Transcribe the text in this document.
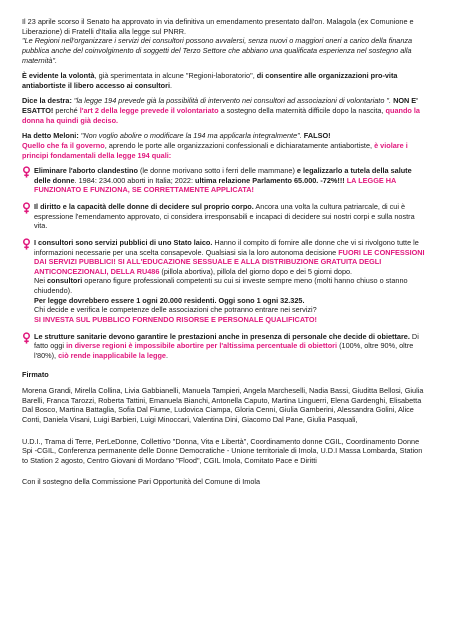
Il 23 aprile scorso il Senato ha approvato in via definitiva un emendamento presentato dall'on. Malagola (ex Comunione e Liberazione) di Fratelli d'Italia alla legge sul PNRR.
"Le Regioni nell'organizzare i servizi dei consultori possono avvalersi, senza nuovi o maggiori oneri a carico della finanza pubblica anche del coinvolgimento di soggetti del Terzo Settore che abbiano una qualificata esperienza nel sostegno alla maternità".

È evidente la volontà, già sperimentata in alcune "Regioni-laboratorio", di consentire alle organizzazioni pro-vita antiabortiste il libero accesso ai consultori.

Dice la destra: "la legge 194 prevede già la possibilità di intervento nei consultori ad associazioni di volontariato ". NON E' ESATTO! perché l'art 2 della legge prevede il volontariato a sostegno della maternità difficile dopo la nascita, quando la donna ha quindi già deciso.

Ha detto Meloni: "Non voglio abolire o modificare la 194 ma applicarla integralmente". FALSO!
Quello che fa il governo, aprendo le porte alle organizzazioni confessionali e dichiaratamente antiabortiste, è violare i principi fondamentali della legge 194 quali:

Eliminare l'aborto clandestino (le donne morivano sotto i ferri delle mammane) e legalizzarlo a tutela della salute delle donne. 1984: 234.000 aborti in Italia; 2022: ultima relazione Parlamento 65.000. -72%!!! LA LEGGE HA FUNZIONATO E FUNZIONA, SE CORRETTAMENTE APPLICATA!
Il diritto e la capacità delle donne di decidere sul proprio corpo. Ancora una volta la cultura patriarcale, di cui è espressione l'emendamento approvato, ci considera irresponsabili e incapaci di decidere sui nostri corpi e sulla nostra vita.
I consultori sono servizi pubblici di uno Stato laico. Hanno il compito di fornire alle donne che vi si rivolgono tutte le informazioni necessarie per una scelta consapevole. Qualsiasi sia la loro autonoma decisione FUORI LE CONFESSIONI DAI SERVIZI PUBBLICI! SI ALL'EDUCAZIONE SESSUALE E ALLA DISTRIBUZIONE GRATUITA DEGLI ANTICONCEZIONALI, DELLA RU486 (pillola abortiva), pillola del giorno dopo e dei 5 giorni dopo.
Nei consultori operano figure professionali competenti su cui si investe sempre meno (molti hanno chiuso o stanno chiudendo).
Per legge dovrebbero essere 1 ogni 20.000 residenti. Oggi sono 1 ogni 32.325.
Chi decide e verifica le competenze delle associazioni che potranno entrare nei servizi?
SI INVESTA SUL PUBBLICO FORNENDO RISORSE E PERSONALE QUALIFICATO!
Le strutture sanitarie devono garantire le prestazioni anche in presenza di personale che decide di obiettare. Di fatto oggi in diverse regioni è impossibile abortire per l'altissima percentuale di obiettori (100%, oltre 90%, oltre l'80%), ciò rende inapplicabile la legge.
Firmato

Morena Grandi, Mirella Collina, Livia Gabbianelli, Manuela Tampieri, Angela Marcheselli, Nadia Bassi, Giuditta Bellosi, Giulia Barelli, Franca Tarozzi, Roberta Tattini, Emanuela Bianchi, Antonella Caputo, Martina Linguerri, Elena Gardenghi, Elisabetta Dal Bosco, Martina Battaglia, Sofia Dal Fiume, Ludovica Ciampa, Gloria Cenni, Giulia Gamberini, Alessandra Golini, Alice Conti, Daniela Visani, Luigi Barbieri, Luigi Minoccari, Valentina Dini, Giacomo Dal Pane, Giulia Pasquali,

U.D.I., Trama di Terre, PerLeDonne, Collettivo "Donna, Vita e Libertà", Coordinamento donne CGIL, Coordinamento Donne Spi -CGIL, Conferenza permanente delle Donne Democratiche - Unione territoriale di Imola, U.D.I Massa Lombarda, Station to Station 2 agosto, Centro Giovani di Mordano "Flood", CGIL Imola, Comitato Pace e Diritti

Con il sostegno della Commissione Pari Opportunità del Comune di Imola
